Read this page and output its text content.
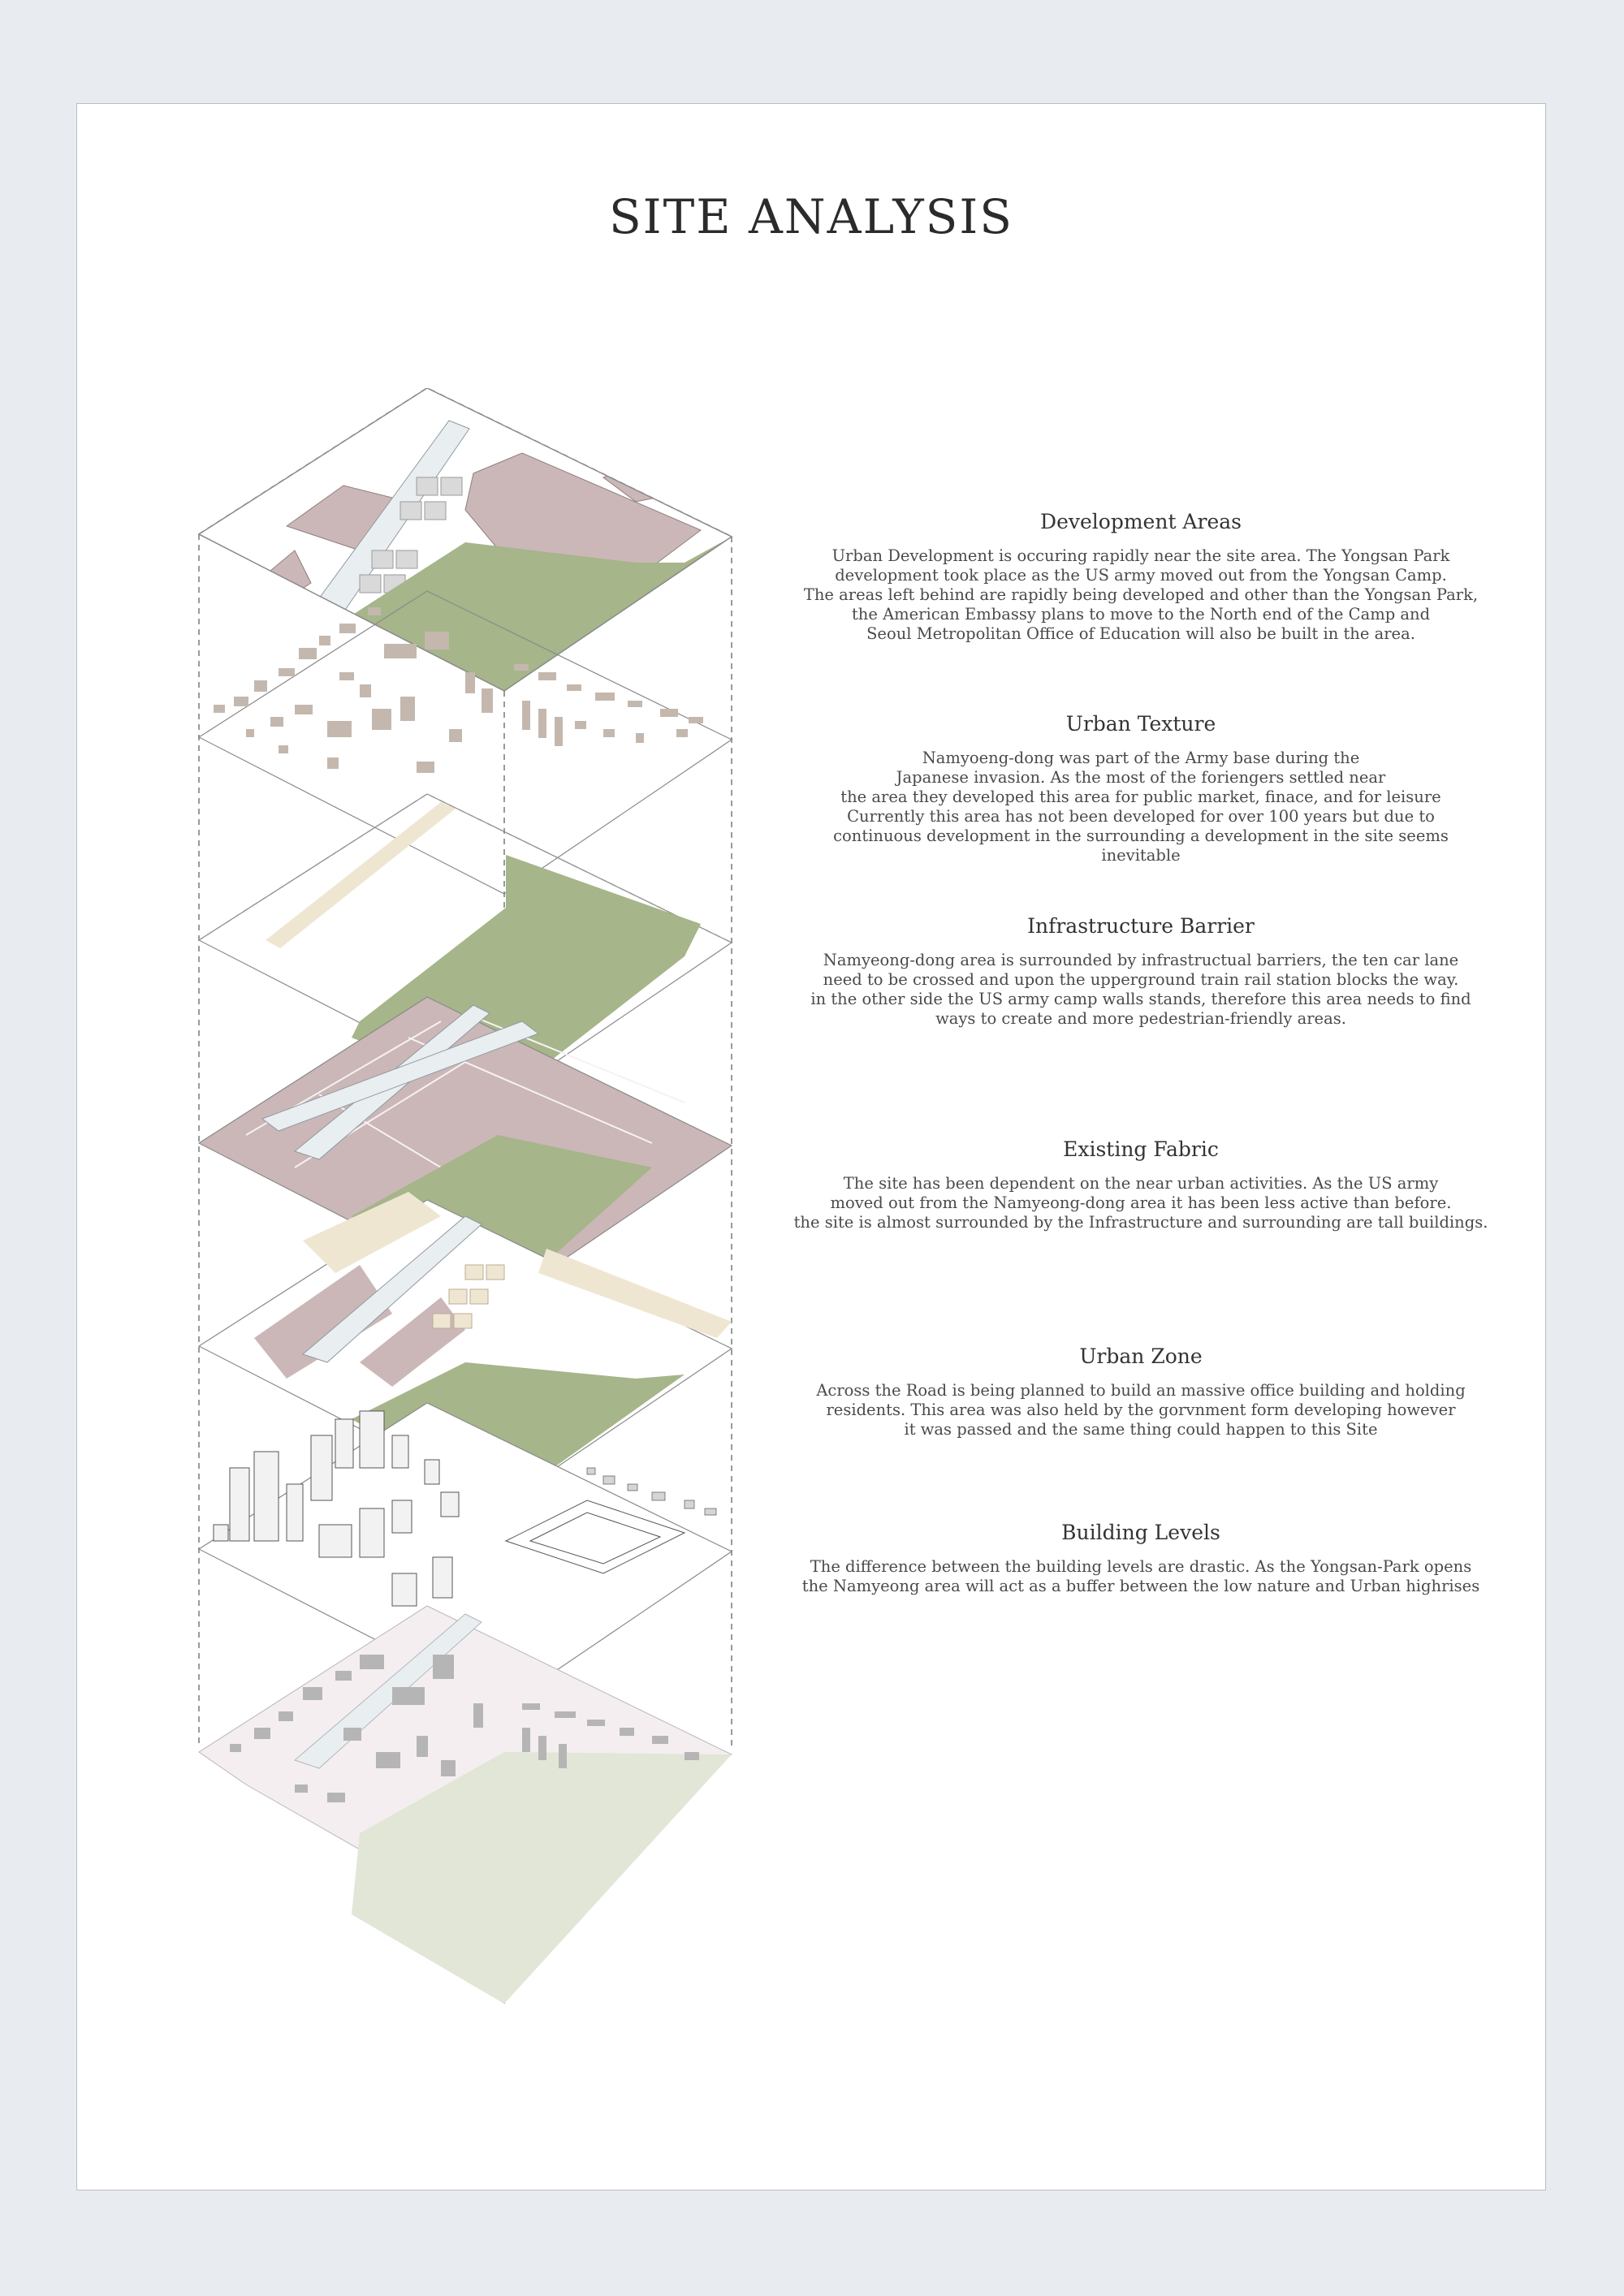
SITE ANALYSIS
Development Areas

Urban Development is occuring rapidly near the site area. The Yongsan Park
development took place as the US army moved out from the Yongsan Camp.
The areas left behind are rapidly being developed and other than the Yongsan Park,
the American Embassy plans to move to the North end of the Camp and
Seoul Metropolitan Office of Education will also be built in the area.

Urban Texture

Namyoeng-dong was part of the Army base during the
Japanese invasion. As the most of the foriengers settled near
the area they developed this area for public market, finace, and for leisure
Currently this area has not been developed for over 100 years but due to
continuous development in the surrounding a development in the site seems
inevitable

Infrastructure Barrier

Namyeong-dong area is surrounded by infrastructual barriers, the ten car lane
need to be crossed and upon the upperground train rail station blocks the way.
in the other side the US army camp walls stands, therefore this area needs to find
ways to create and more pedestrian-friendly areas.

Existing Fabric

The site has been dependent on the near urban activities. As the US army
moved out from the Namyeong-dong area it has been less active than before.
the site is almost surrounded by the Infrastructure and surrounding are tall buildings.

Urban Zone

Across the Road is being planned to build an massive office building and holding
residents. This area was also held by the gorvnment form developing however
it was passed and the same thing could happen to this Site

Building Levels

The difference between the building levels are drastic. As the Yongsan-Park opens
the Namyeong area will act as a buffer between the low nature and Urban highrises
